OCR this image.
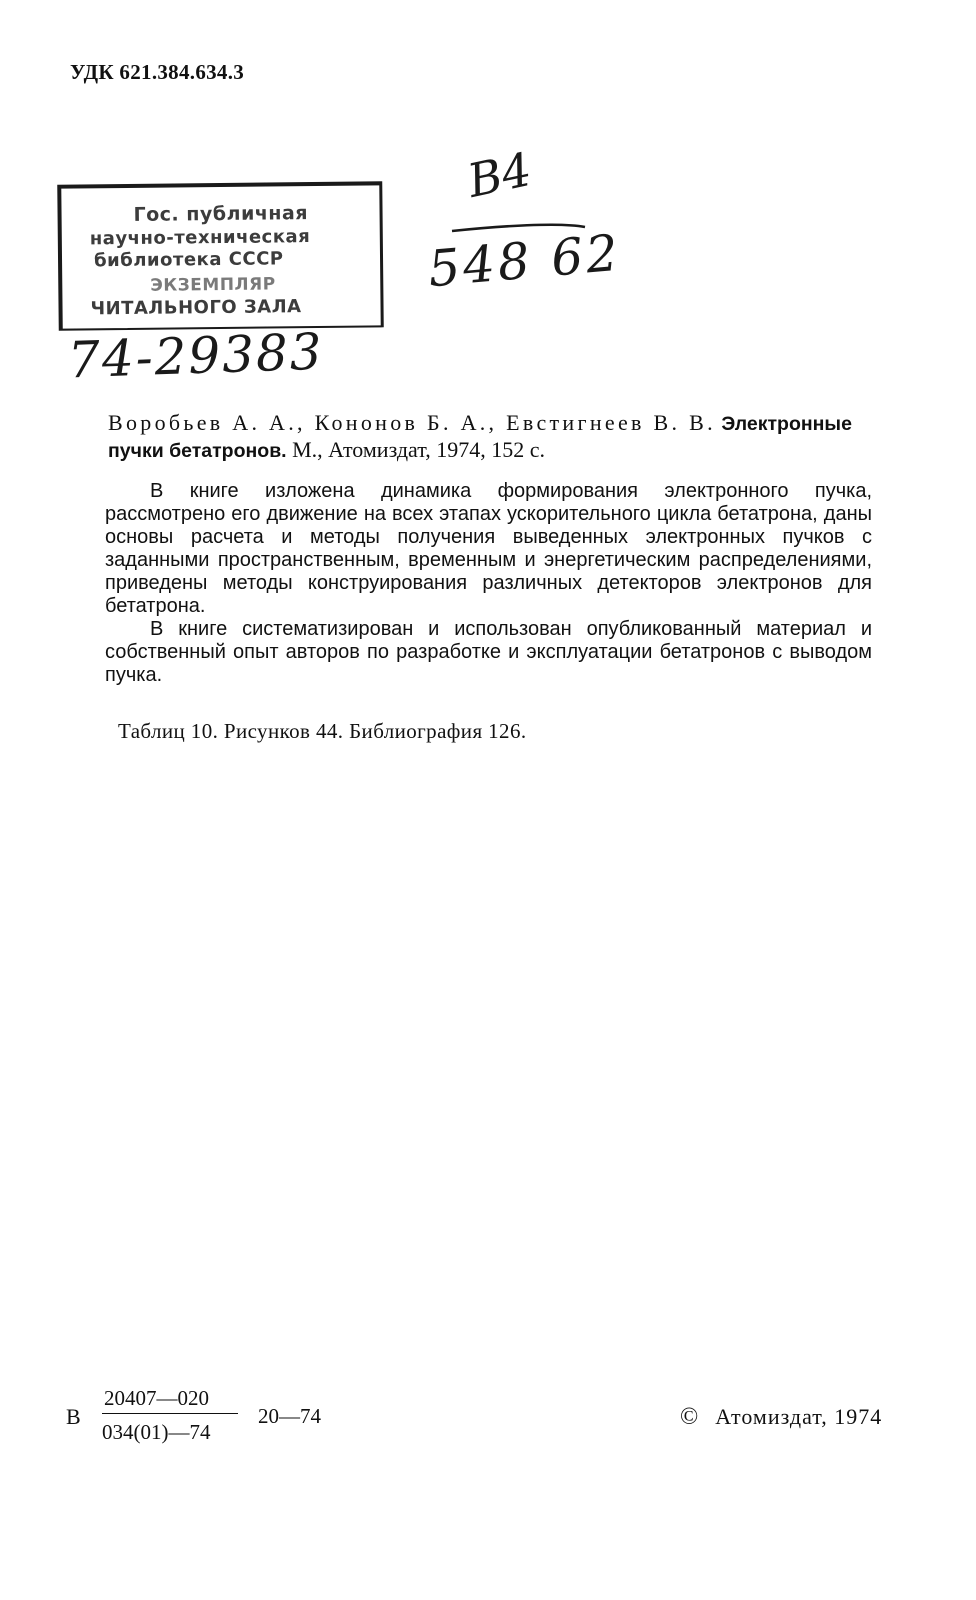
УДК 621.384.634.3
Гос. публичная
научно-техническая
библиотека СССР
ЭКЗЕМПЛЯР
ЧИТАЛЬНОГО ЗАЛА
В4
548 62
74-29383
Воробьев А. А., Кононов Б. А., Евстигнеев В. В. Электронные пучки бетатронов. М., Атомиздат, 1974, 152 с.

В книге изложена динамика формирования электронного пучка, рассмотрено его движение на всех этапах ускорительного цикла бетатрона, даны основы расчета и методы получения выведенных электронных пучков с заданными пространственным, временным и энергетическим распределениями, приведены методы конструирования различных детекторов электронов для бетатрона.

В книге систематизирован и использован опубликованный материал и собственный опыт авторов по разработке и эксплуатации бетатронов с выводом пучка.

Таблиц 10. Рисунков 44. Библиография 126.
В
20407—020
034(01)—74
20—74	© Атомиздат, 1974
